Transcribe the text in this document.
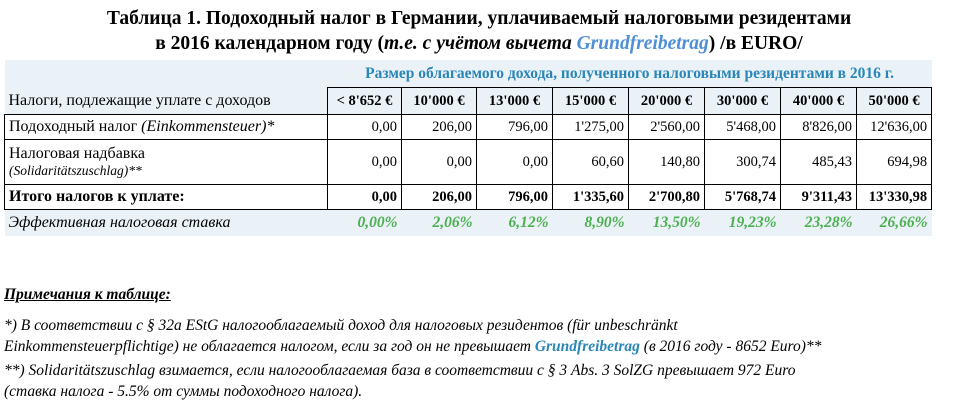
Таблица 1. Подоходный налог в Германии, уплачиваемый налоговыми резидентами
в 2016 календарном году (т.е. с учётом вычета Grundfreibetrag) /в EURO/
	Размер облагаемого дохода, полученного налоговыми резидентами в 2016 г.							
Налоги, подлежащие уплате с доходов	< 8'652 €	10'000 €	13'000 €	15'000 €	20'000 €	30'000 €	40'000 €	50'000 €
Подоходный налог (Einkommensteuer)*	0,00	206,00	796,00	1'275,00	2'560,00	5'468,00	8'826,00	12'636,00

Налоговая надбавка
(Solidaritätszuschlag)**	0,00	0,00	0,00	60,60	140,80	300,74	485,43	694,98
Итого налогов к уплате:	0,00	206,00	796,00	1'335,60	2'700,80	5'768,74	9'311,43	13'330,98
Эффективная налоговая ставка	0,00%	2,06%	6,12%	8,90%	13,50%	19,23%	23,28%	26,66%
Примечания к таблице:

*) В соответствии с § 32a EStG налогооблагаемый доход для налоговых резидентов (für unbeschränkt

Einkommensteuerpflichtige) не облагается налогом, если за год он не превышает Grundfreibetrag (в 2016 году - 8652 Euro)**

**) Solidaritätszuschlag взимается, если налогооблагаемая база в соответствии с § 3 Abs. 3 SolZG превышает 972 Euro

(ставка налога - 5.5% от суммы подоходного налога).
